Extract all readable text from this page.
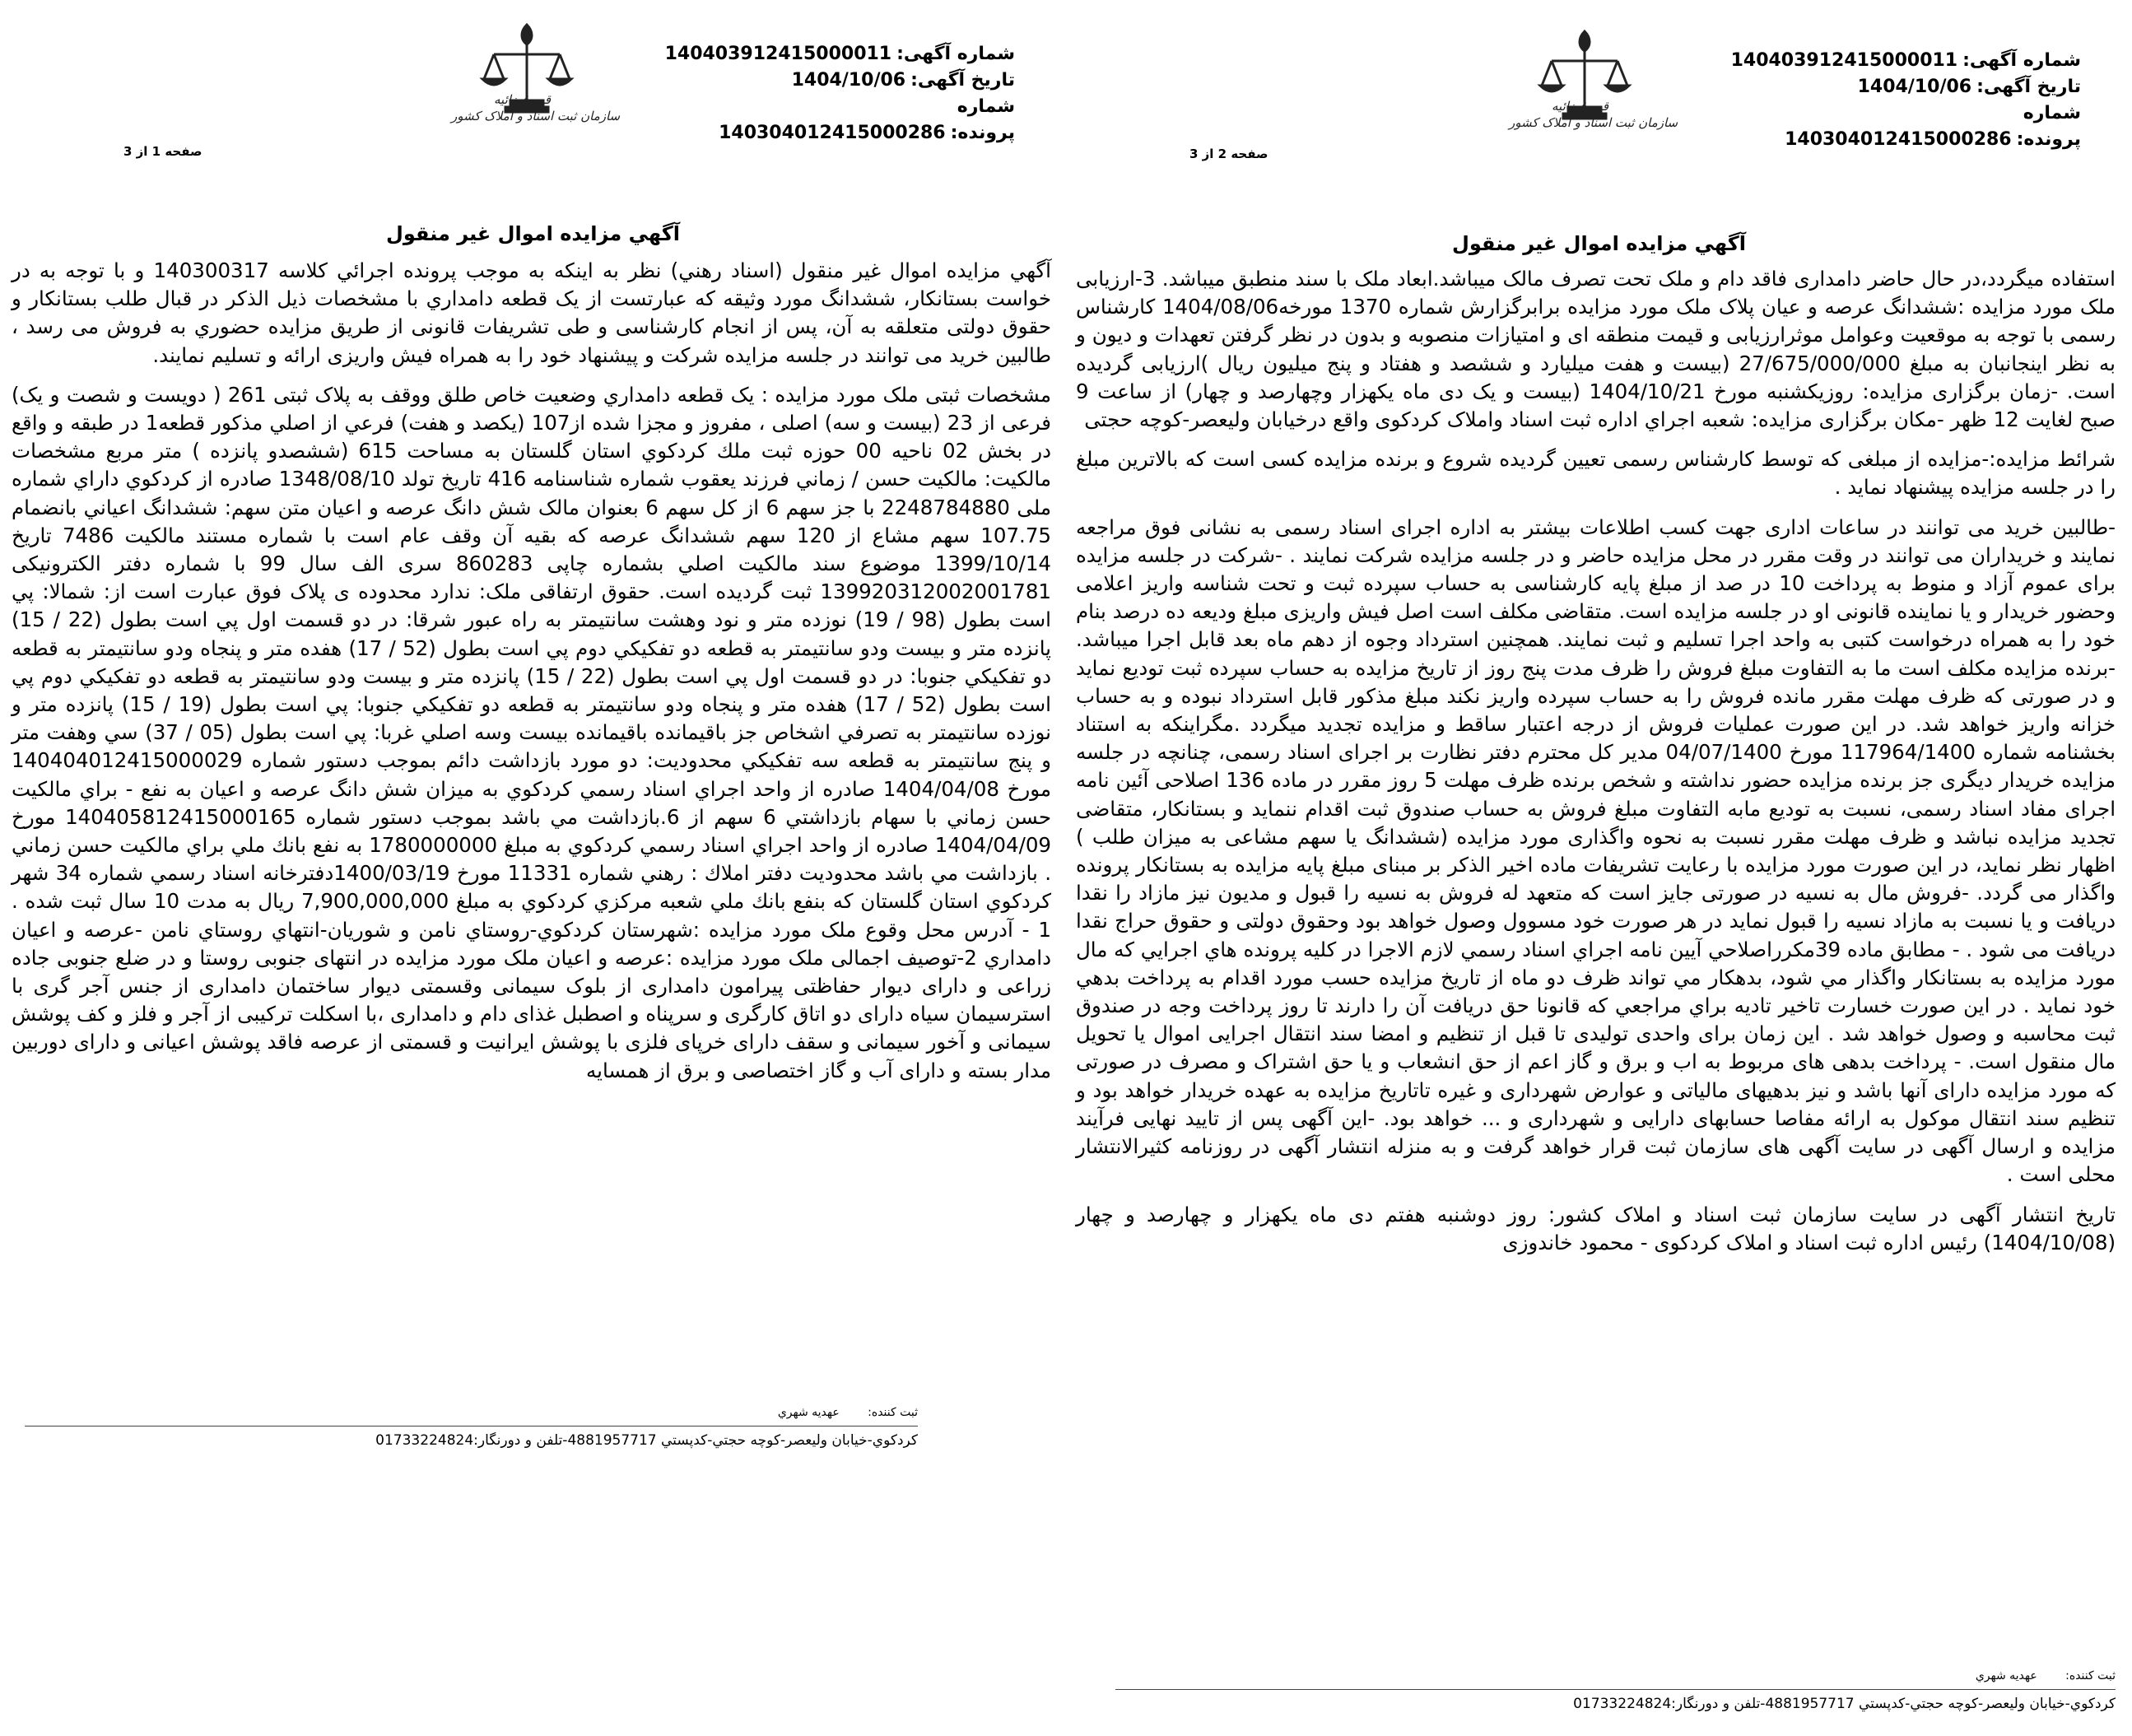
شماره آگهی:140403912415000011
تاریخ آگهی:1404/10/06
شماره پرونده:140304012415000286
قوه قضائیه
سازمان ثبت اسناد و املاک کشور
صفحه 1 از 3
آگهي مزايده اموال غير منقول

آگهي مزايده اموال غير منقول (اسناد رهني) نظر به اينکه به موجب پرونده اجرائي کلاسه 140300317 و با توجه به در خواست بستانکار، ششدانگ مورد وثيقه که عبارتست از يک قطعه دامداري با مشخصات ذيل الذکر در قبال طلب بستانکار و حقوق دولتی متعلقه به آن، پس از انجام کارشناسی و طی تشريفات قانونی از طريق مزايده حضوري به فروش می رسد ، طالبين خريد می توانند در جلسه مزايده شرکت و پيشنهاد خود را به همراه فيش واريزی ارائه و تسليم نمايند.

مشخصات ثبتی ملک مورد مزايده : يک قطعه دامداري وضعيت خاص طلق ووقف به پلاک ثبتی 261 ( دويست و شصت و يک) فرعی از 23 (بيست و سه) اصلی ، مفروز و مجزا شده از107 (يکصد و هفت) فرعي از اصلي مذکور قطعه1 در طبقه و واقع در بخش 02 ناحيه 00 حوزه ثبت ملك كردكوي استان گلستان به مساحت 615 (ششصدو پانزده ) متر مربع مشخصات مالكيت: مالکيت حسن / زماني فرزند يعقوب شماره شناسنامه 416 تاريخ تولد 1348/08/10 صادره از كردكوي داراي شماره ملی 2248784880 با جز سهم 6 از کل سهم 6 بعنوان مالک شش دانگ عرصه و اعيان متن سهم: ششدانگ اعياني بانضمام 107.75 سهم مشاع از 120 سهم ششدانگ عرصه که بقيه آن وقف عام است با شماره مستند مالکيت 7486 تاريخ 1399/10/14 موضوع سند مالکيت اصلي بشماره چاپی 860283 سری الف سال 99 با شماره دفتر الكترونيكی 139920312002001781 ثبت گرديده است. حقوق ارتفاقی ملک: ندارد محدوده ی پلاک فوق عبارت است از: شمالا: پي است بطول (98 / 19) نوزده متر و نود وهشت سانتيمتر به راه عبور شرقا: در دو قسمت اول پي است بطول (22 / 15) پانزده متر و بيست ودو سانتيمتر به قطعه دو تفکيکي دوم پي است بطول (52 / 17) هفده متر و پنجاه ودو سانتيمتر به قطعه دو تفکيکي جنوبا: در دو قسمت اول پي است بطول (22 / 15) پانزده متر و بيست ودو سانتيمتر به قطعه دو تفکيکي دوم پي است بطول (52 / 17) هفده متر و پنجاه ودو سانتيمتر به قطعه دو تفکيکي جنوبا: پي است بطول (19 / 15) پانزده متر و نوزده سانتيمتر به تصرفي اشخاص جز باقيمانده باقيمانده بيست وسه اصلي غربا: پي است بطول (05 / 37) سي وهفت متر و پنج سانتيمتر به قطعه سه تفکيکي محدوديت: دو مورد بازداشت دائم بموجب دستور شماره 140404012415000029 مورخ 1404/04/08 صادره از واحد اجراي اسناد رسمي كردكوي به ميزان شش دانگ عرصه و اعيان به نفع - براي مالکيت حسن زماني با سهام بازداشتي 6 سهم از 6.بازداشت مي باشد بموجب دستور شماره 140405812415000165 مورخ 1404/04/09 صادره از واحد اجراي اسناد رسمي كردكوي به مبلغ 1780000000 به نفع بانك ملي براي مالکيت حسن زماني . بازداشت مي باشد محدوديت دفتر املاك : رهني شماره 11331 مورخ 1400/03/19دفترخانه اسناد رسمي شماره 34 شهر كردكوي استان گلستان كه بنفع بانك ملي شعبه مركزي كردكوي به مبلغ 7,900,000,000 ريال به مدت 10 سال ثبت شده . 1 - آدرس محل وقوع ملک مورد مزايده :شهرستان کردکوي-روستاي نامن و شوريان-انتهاي روستاي نامن -عرصه و اعيان دامداري 2-توصيف اجمالی ملک مورد مزايده :عرصه و اعيان ملک مورد مزايده در انتهای جنوبی روستا و در ضلع جنوبی جاده زراعی و دارای ديوار حفاظتی پيرامون دامداری از بلوک سيمانی وقسمتی ديوار ساختمان دامداری از جنس آجر گری با استرسيمان سياه دارای دو اتاق کارگری و سرپناه و اصطبل غذای دام و دامداری ،با اسکلت ترکيبی از آجر و فلز و کف پوشش سيمانی و آخور سيمانی و سقف دارای خرپای فلزی با پوشش ايرانيت و قسمتی از عرصه فاقد پوشش اعيانی و دارای دوربين مدار بسته و دارای آب و گاز اختصاصی و برق از همسايه

ثبت كننده: عهديه شهري
كردكوي-خيابان وليعصر-كوچه حجتي-كدپستي 4881957717-تلفن و دورنگار:01733224824
شماره آگهی:140403912415000011
تاریخ آگهی:1404/10/06
شماره پرونده:140304012415000286
قوه قضائیه
سازمان ثبت اسناد و املاک کشور
صفحه 2 از 3
آگهي مزايده اموال غير منقول

استفاده ميگردد،در حال حاضر دامداری فاقد دام و ملک تحت تصرف مالک ميباشد.ابعاد ملک با سند منطبق ميباشد. 3-ارزيابی ملک مورد مزايده :ششدانگ عرصه و عيان پلاک ملک مورد مزايده برابرگزارش شماره 1370 مورخه1404/08/06 کارشناس رسمی با توجه به موقعيت وعوامل موثرارزيابی و قيمت منطقه ای و امتيازات منصوبه و بدون در نظر گرفتن تعهدات و ديون و به نظر اينجانبان به مبلغ 27/675/000/000 (بيست و هفت ميليارد و ششصد و هفتاد و پنج ميليون ريال )ارزيابی گرديده است. -زمان برگزاری مزايده: روزيکشنبه مورخ 1404/10/21 (بيست و يک دی ماه يکهزار وچهارصد و چهار) از ساعت 9 صبح لغايت 12 ظهر -مکان برگزاری مزايده: شعبه اجراي اداره ثبت اسناد واملاک کردکوی واقع درخيابان وليعصر-کوچه حجتی

شرائط مزايده:-مزايده از مبلغی که توسط کارشناس رسمی تعيين گرديده شروع و برنده مزايده کسی است که بالاترين مبلغ را در جلسه مزايده پيشنهاد نمايد .

-طالبين خريد می توانند در ساعات اداری جهت کسب اطلاعات بيشتر به اداره اجرای اسناد رسمی به نشانی فوق مراجعه نمايند و خريداران می توانند در وقت مقرر در محل مزايده حاضر و در جلسه مزايده شرکت نمايند . -شرکت در جلسه مزايده برای عموم آزاد و منوط به پرداخت 10 در صد از مبلغ پايه کارشناسی به حساب سپرده ثبت و تحت شناسه واريز اعلامی وحضور خريدار و يا نماينده قانونی او در جلسه مزايده است. متقاضی مکلف است اصل فيش واريزی مبلغ وديعه ده درصد بنام خود را به همراه درخواست کتبی به واحد اجرا تسليم و ثبت نمايند. همچنين استرداد وجوه از دهم ماه بعد قابل اجرا ميباشد. -برنده مزايده مکلف است ما به التفاوت مبلغ فروش را ظرف مدت پنج روز از تاريخ مزايده به حساب سپرده ثبت توديع نمايد و در صورتی که ظرف مهلت مقرر مانده فروش را به حساب سپرده واريز نکند مبلغ مذکور قابل استرداد نبوده و به حساب خزانه واريز خواهد شد. در اين صورت عمليات فروش از درجه اعتبار ساقط و مزايده تجديد ميگردد .مگراينکه به استناد بخشنامه شماره 117964/1400 مورخ 04/07/1400 مدير کل محترم دفتر نظارت بر اجرای اسناد رسمی، چنانچه در جلسه مزايده خريدار ديگری جز برنده مزايده حضور نداشته و شخص برنده ظرف مهلت 5 روز مقرر در ماده 136 اصلاحی آئين نامه اجرای مفاد اسناد رسمی، نسبت به توديع مابه التفاوت مبلغ فروش به حساب صندوق ثبت اقدام ننمايد و بستانکار، متقاضی تجديد مزايده نباشد و ظرف مهلت مقرر نسبت به نحوه واگذاری مورد مزايده (ششدانگ يا سهم مشاعی به ميزان طلب ) اظهار نظر نمايد، در اين صورت مورد مزايده با رعايت تشريفات ماده اخير الذکر بر مبنای مبلغ پايه مزايده به بستانکار پرونده واگذار می گردد. -فروش مال به نسيه در صورتی جايز است که متعهد له فروش به نسيه را قبول و مديون نيز مازاد را نقدا دريافت و يا نسبت به مازاد نسيه را قبول نمايد در هر صورت خود مسوول وصول خواهد بود وحقوق دولتی و حقوق حراج نقدا دريافت می شود . - مطابق ماده 39مكرراصلاحي آيين نامه اجراي اسناد رسمي لازم الاجرا در كليه پرونده هاي اجرايي كه مال مورد مزايده به بستانكار واگذار مي شود، بدهكار مي تواند ظرف دو ماه از تاريخ مزايده حسب مورد اقدام به پرداخت بدهي خود نمايد . در اين صورت خسارت تاخير تاديه براي مراجعي كه قانونا حق دريافت آن را دارند تا روز پرداخت وجه در صندوق ثبت محاسبه و وصول خواهد شد . اين زمان برای واحدی توليدی تا قبل از تنظيم و امضا سند انتقال اجرايی اموال يا تحويل مال منقول است. - پرداخت بدهی های مربوط به اب و برق و گاز اعم از حق انشعاب و يا حق اشتراک و مصرف در صورتی که مورد مزايده دارای آنها باشد و نيز بدهيهای مالياتی و عوارض شهرداری و غيره تاتاريخ مزايده به عهده خريدار خواهد بود و تنظيم سند انتقال موکول به ارائه مفاصا حسابهای دارايی و شهرداری و ... خواهد بود. -اين آگهی پس از تاييد نهايی فرآيند مزايده و ارسال آگهی در سايت آگهی های سازمان ثبت قرار خواهد گرفت و به منزله انتشار آگهی در روزنامه کثيرالانتشار محلی است .

تاريخ انتشار آگهی در سايت سازمان ثبت اسناد و املاک کشور: روز دوشنبه هفتم دی ماه يکهزار و چهارصد و چهار (1404/10/08) رئيس اداره ثبت اسناد و املاک کردکوی - محمود خاندوزی

ثبت كننده: عهديه شهري
كردكوي-خيابان وليعصر-كوچه حجتي-كدپستي 4881957717-تلفن و دورنگار:01733224824
